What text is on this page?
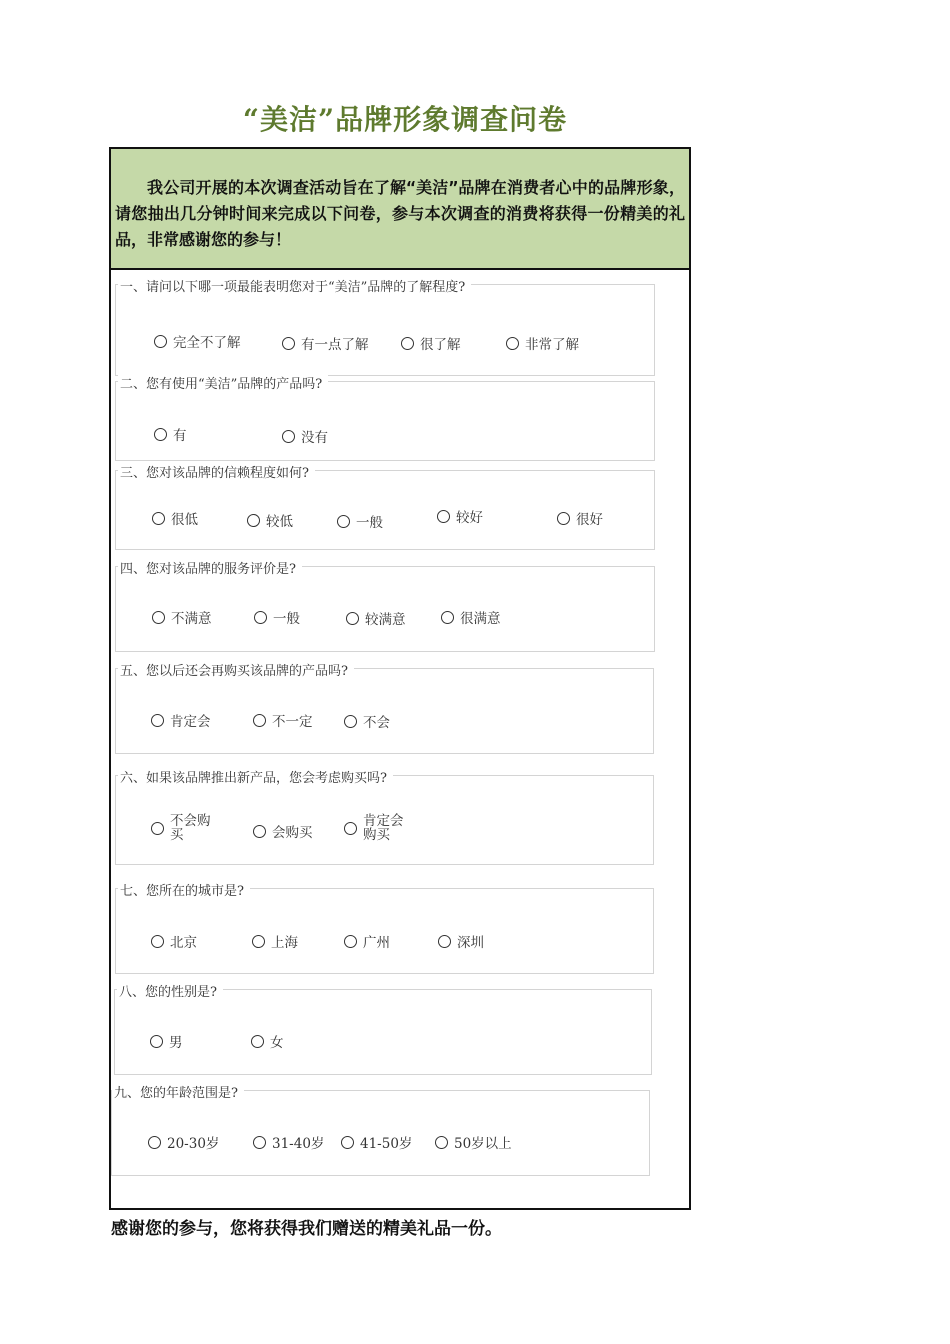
“美洁”品牌形象调查问卷
我公司开展的本次调查活动旨在了解“美洁”品牌在消费者心中的品牌形象，请您抽出几分钟时间来完成以下问卷，参与本次调查的消费将获得一份精美的礼品，非常感谢您的参与！
一、请问以下哪一项最能表明您对于“美洁”品牌的了解程度?
完全不了解	有一点了解	很了解	非常了解
二、您有使用“美洁”品牌的产品吗?
有	没有
三、您对该品牌的信赖程度如何?
很低	较低	一般	较好	很好
四、您对该品牌的服务评价是?
不满意	一般	较满意	很满意
五、您以后还会再购买该品牌的产品吗?
肯定会	不一定	不会
六、如果该品牌推出新产品，您会考虑购买吗?
不会购买	会购买
肯定会购买
七、您所在的城市是?
北京	上海	广州	深圳
八、您的性别是?
男	女
九、您的年龄范围是?
20-30岁	31-40岁	41-50岁	50岁以上
感谢您的参与，您将获得我们赠送的精美礼品一份。
